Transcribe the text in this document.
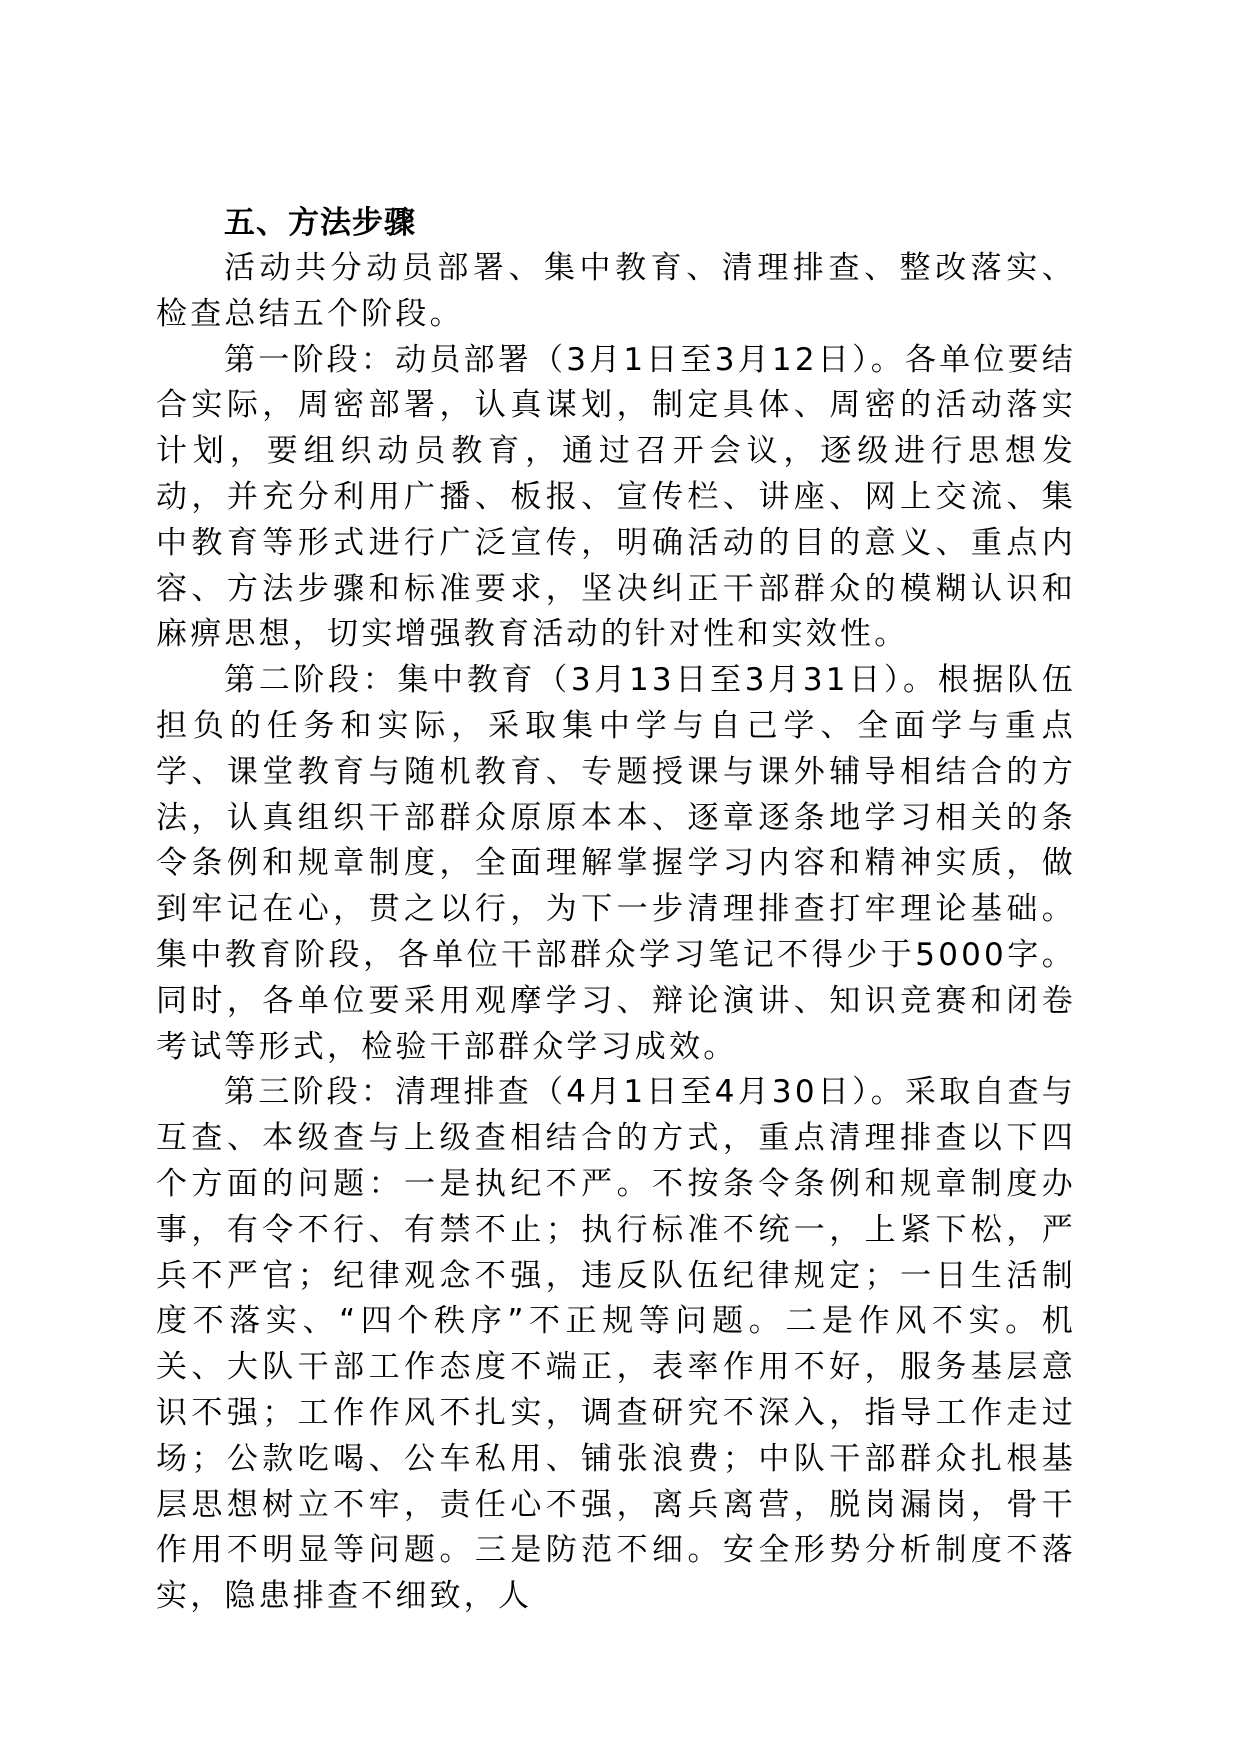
五、方法步骤

活动共分动员部署、集中教育、清理排查、整改落实、检查总结五个阶段。

第一阶段：动员部署（3月1日至3月12日）。各单位要结合实际，周密部署，认真谋划，制定具体、周密的活动落实计划，要组织动员教育，通过召开会议，逐级进行思想发动，并充分利用广播、板报、宣传栏、讲座、网上交流、集中教育等形式进行广泛宣传，明确活动的目的意义、重点内容、方法步骤和标准要求，坚决纠正干部群众的模糊认识和麻痹思想，切实增强教育活动的针对性和实效性。

第二阶段：集中教育（3月13日至3月31日）。根据队伍担负的任务和实际，采取集中学与自己学、全面学与重点学、课堂教育与随机教育、专题授课与课外辅导相结合的方法，认真组织干部群众原原本本、逐章逐条地学习相关的条令条例和规章制度，全面理解掌握学习内容和精神实质，做到牢记在心，贯之以行，为下一步清理排查打牢理论基础。集中教育阶段，各单位干部群众学习笔记不得少于5000字。同时，各单位要采用观摩学习、辩论演讲、知识竞赛和闭卷考试等形式，检验干部群众学习成效。

第三阶段：清理排查（4月1日至4月30日）。采取自查与互查、本级查与上级查相结合的方式，重点清理排查以下四个方面的问题：一是执纪不严。不按条令条例和规章制度办事，有令不行、有禁不止；执行标准不统一，上紧下松，严兵不严官；纪律观念不强，违反队伍纪律规定；一日生活制度不落实、“四个秩序”不正规等问题。二是作风不实。机关、大队干部工作态度不端正，表率作用不好，服务基层意识不强；工作作风不扎实，调查研究不深入，指导工作走过场；公款吃喝、公车私用、铺张浪费；中队干部群众扎根基层思想树立不牢，责任心不强，离兵离营，脱岗漏岗，骨干作用不明显等问题。三是防范不细。安全形势分析制度不落实，隐患排查不细致，人
